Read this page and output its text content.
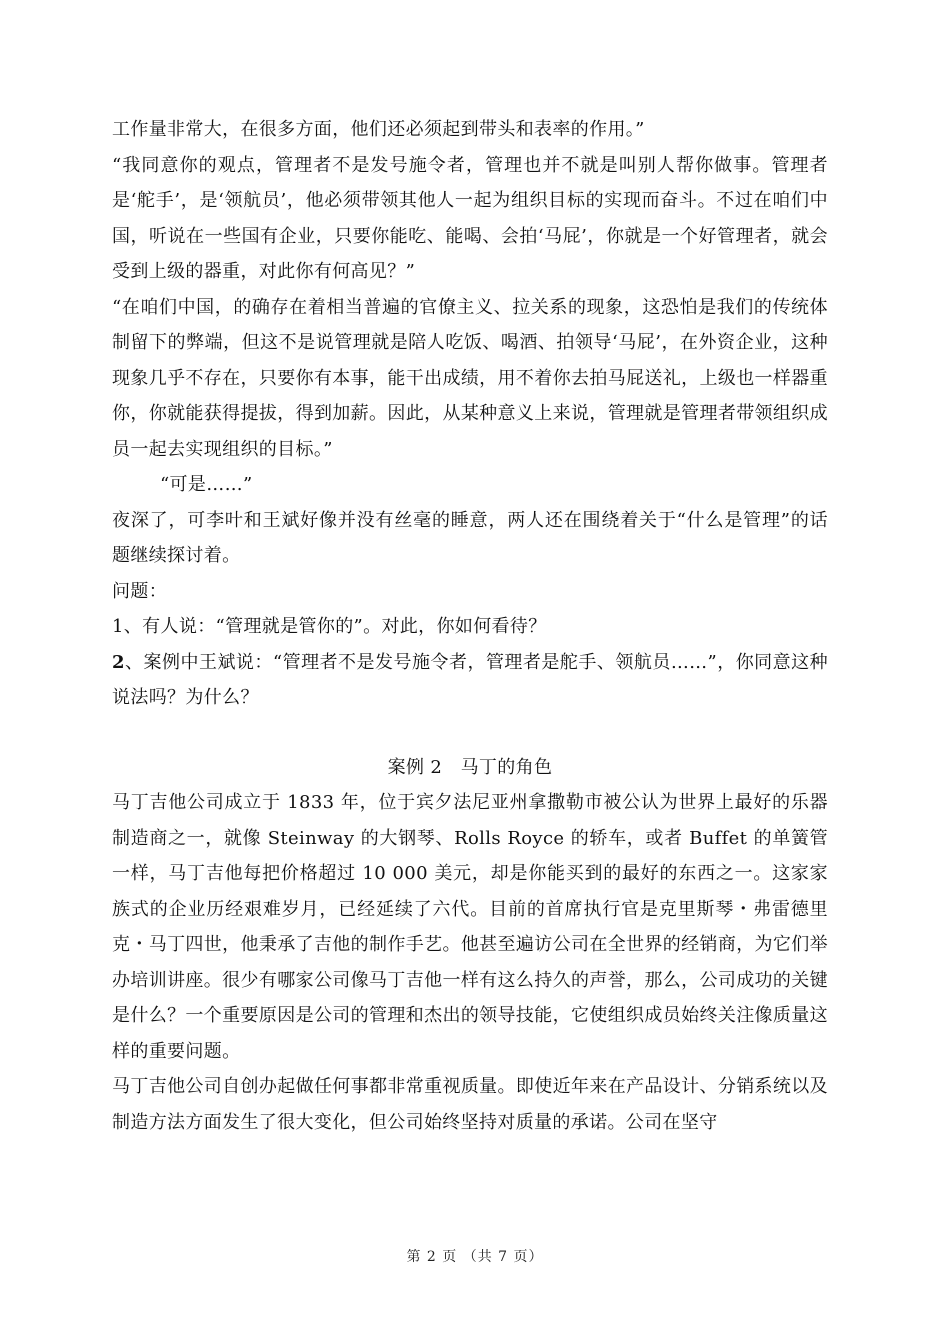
工作量非常大，在很多方面，他们还必须起到带头和表率的作用。”

“我同意你的观点，管理者不是发号施令者，管理也并不就是叫别人帮你做事。管理者是‘舵手’，是‘领航员’，他必须带领其他人一起为组织目标的实现而奋斗。不过在咱们中国，听说在一些国有企业，只要你能吃、能喝、会拍‘马屁’，你就是一个好管理者，就会受到上级的器重，对此你有何高见？”

“在咱们中国，的确存在着相当普遍的官僚主义、拉关系的现象，这恐怕是我们的传统体制留下的弊端，但这不是说管理就是陪人吃饭、喝酒、拍领导‘马屁’，在外资企业，这种现象几乎不存在，只要你有本事，能干出成绩，用不着你去拍马屁送礼，上级也一样器重你，你就能获得提拔，得到加薪。因此，从某种意义上来说，管理就是管理者带领组织成员一起去实现组织的目标。”

“可是……”

夜深了，可李叶和王斌好像并没有丝毫的睡意，两人还在围绕着关于“什么是管理”的话题继续探讨着。

问题：

1、有人说：“管理就是管你的”。对此，你如何看待？

2、案例中王斌说：“管理者不是发号施令者，管理者是舵手、领航员……”，你同意这种说法吗？为什么？

案例 2　马丁的角色

马丁吉他公司成立于 1833 年，位于宾夕法尼亚州拿撒勒市被公认为世界上最好的乐器制造商之一，就像 Steinway 的大钢琴、Rolls Royce 的轿车，或者 Buffet 的单簧管一样，马丁吉他每把价格超过 10 000 美元，却是你能买到的最好的东西之一。这家家族式的企业历经艰难岁月，已经延续了六代。目前的首席执行官是克里斯琴・弗雷德里克・马丁四世，他秉承了吉他的制作手艺。他甚至遍访公司在全世界的经销商，为它们举办培训讲座。很少有哪家公司像马丁吉他一样有这么持久的声誉，那么，公司成功的关键是什么？一个重要原因是公司的管理和杰出的领导技能，它使组织成员始终关注像质量这样的重要问题。

马丁吉他公司自创办起做任何事都非常重视质量。即使近年来在产品设计、分销系统以及制造方法方面发生了很大变化，但公司始终坚持对质量的承诺。公司在坚守

第 2 页 （共 7 页）
